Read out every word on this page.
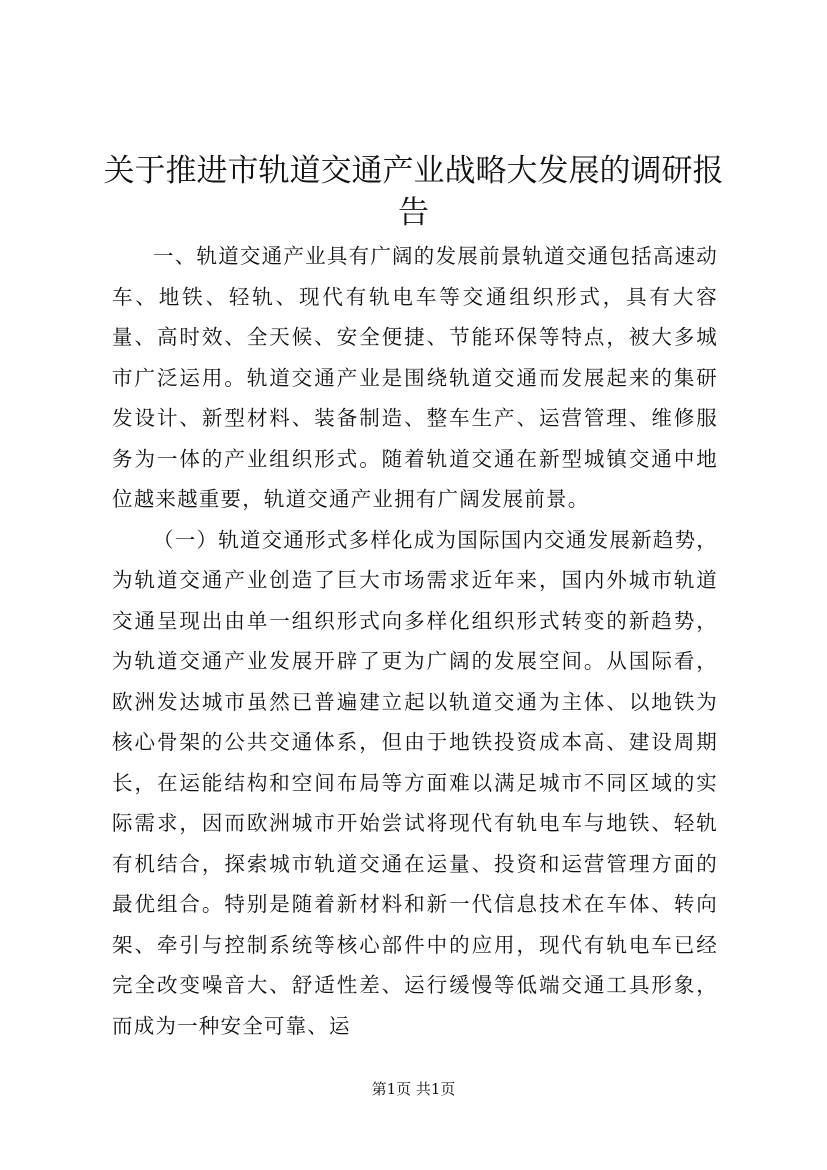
关于推进市轨道交通产业战略大发展的调研报告

一、轨道交通产业具有广阔的发展前景轨道交通包括高速动车、地铁、轻轨、现代有轨电车等交通组织形式，具有大容量、高时效、全天候、安全便捷、节能环保等特点，被大多城市广泛运用。轨道交通产业是围绕轨道交通而发展起来的集研发设计、新型材料、装备制造、整车生产、运营管理、维修服务为一体的产业组织形式。随着轨道交通在新型城镇交通中地位越来越重要，轨道交通产业拥有广阔发展前景。

（一）轨道交通形式多样化成为国际国内交通发展新趋势，为轨道交通产业创造了巨大市场需求近年来，国内外城市轨道交通呈现出由单一组织形式向多样化组织形式转变的新趋势，为轨道交通产业发展开辟了更为广阔的发展空间。从国际看，欧洲发达城市虽然已普遍建立起以轨道交通为主体、以地铁为核心骨架的公共交通体系，但由于地铁投资成本高、建设周期长，在运能结构和空间布局等方面难以满足城市不同区域的实际需求，因而欧洲城市开始尝试将现代有轨电车与地铁、轻轨有机结合，探索城市轨道交通在运量、投资和运营管理方面的最优组合。特别是随着新材料和新一代信息技术在车体、转向架、牵引与控制系统等核心部件中的应用，现代有轨电车已经完全改变噪音大、舒适性差、运行缓慢等低端交通工具形象，而成为一种安全可靠、运

第1页 共1页
